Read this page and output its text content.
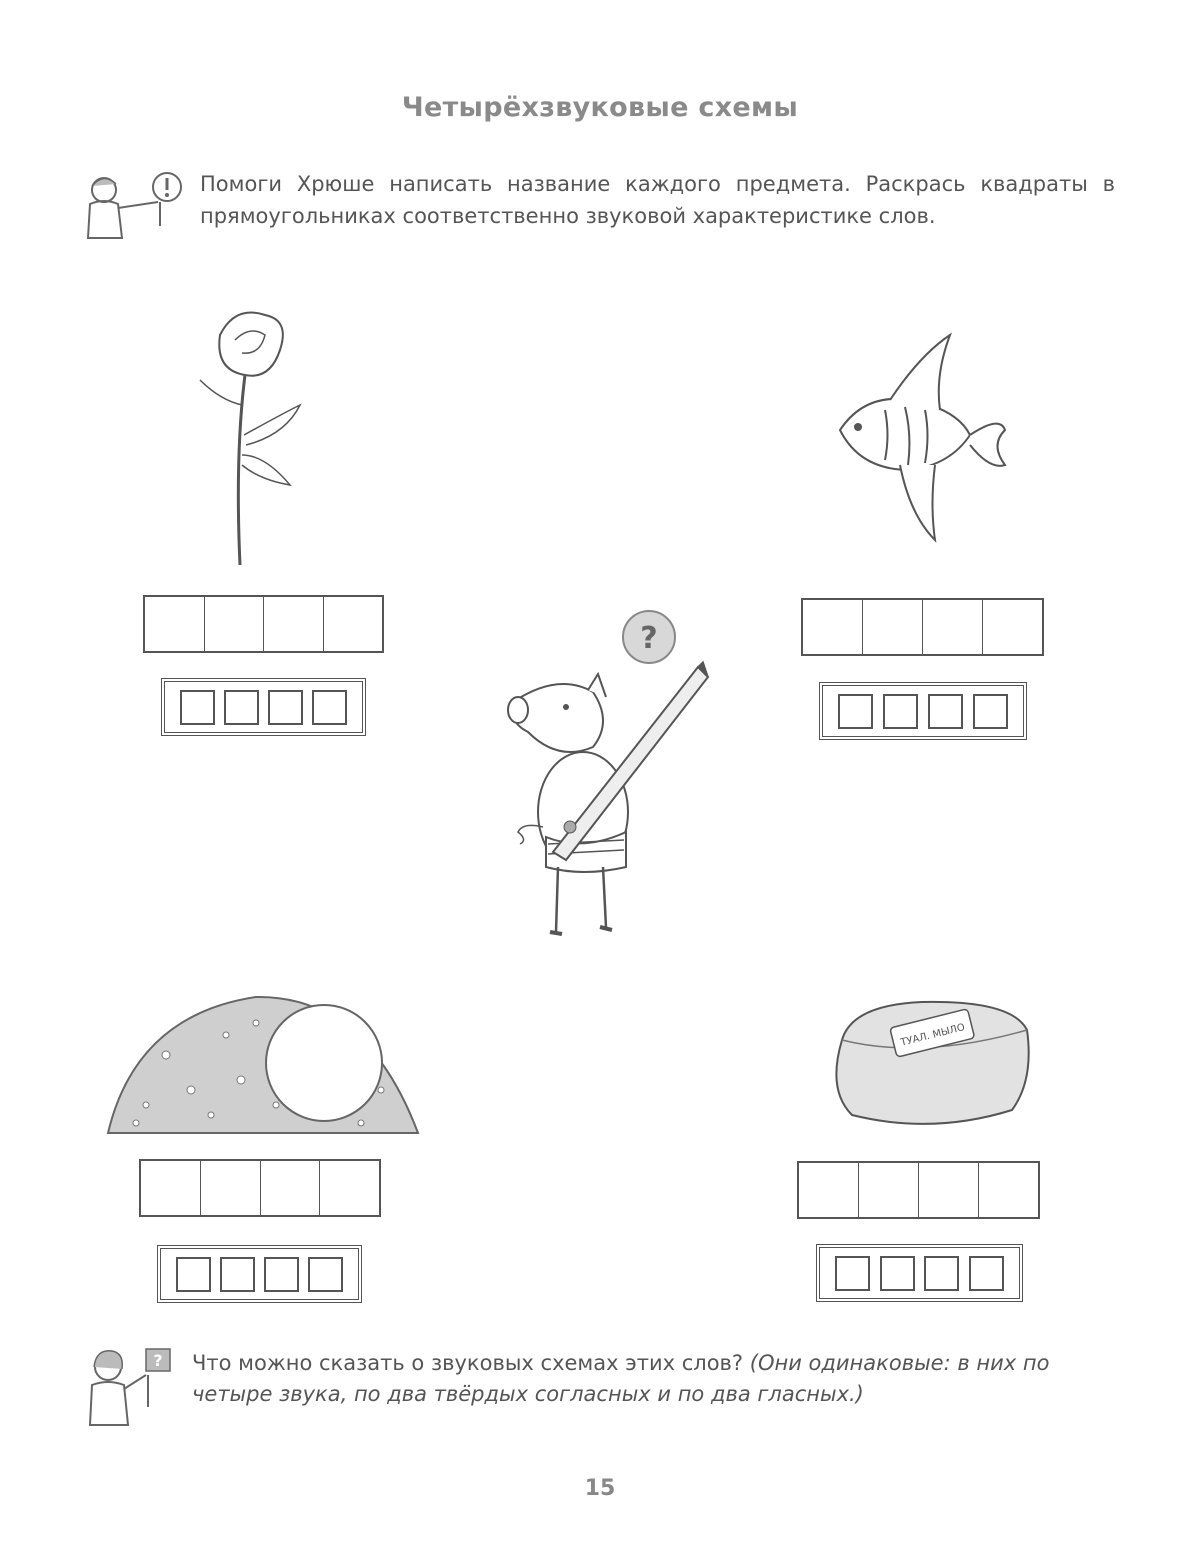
Четырёхзвуковые схемы
Помоги Хрюше написать название каждого предмета. Раскрась квадраты в прямоугольниках соответственно звуковой характеристике слов.
?
ТУАЛ. МЫЛО
? Что можно сказать о звуковых схемах этих слов? (Они одинаковые: в них по четыре звука, по два твёрдых согласных и по два гласных.)
15
